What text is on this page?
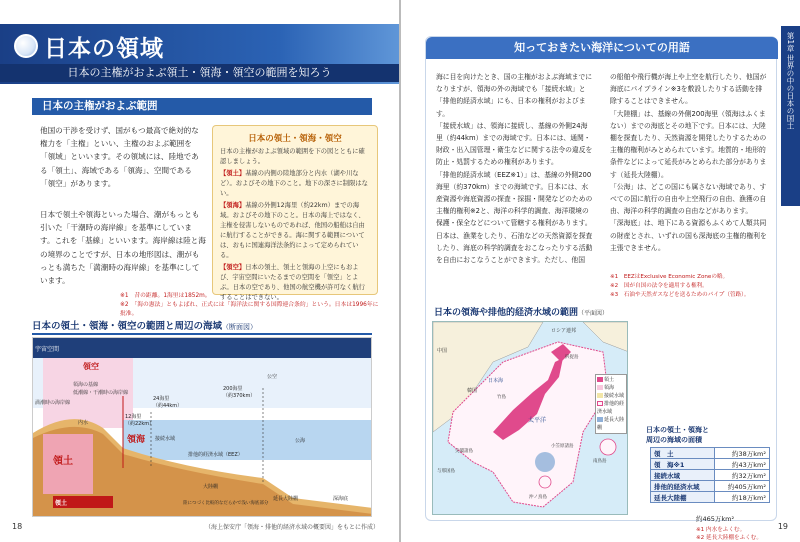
日本の領域
日本の主権がおよぶ領土・領海・領空の範囲を知ろう
日本の主権がおよぶ範囲
他国の干渉を受けず、国がもつ最高で絶対的な権力を「主権」といい、主権のおよぶ範囲を「領域」といいます。その領域には、陸地である「領土」、海域である「領海」、空間である「領空」があります。
日本で領土や領海といった場合、潮がもっとも引いた「干潮時の海岸線」を基準にしています。これを「基線」といいます。海岸線は陸と海の境界のことですが、日本の地形図は、潮がもっとも満ちた「満潮時の海岸線」を基準にしています。
日本の領土・領海・領空

日本の主権がおよぶ領域の範囲を下の図とともに確認しましょう。

【領土】基線の内側の陸地部分と内水（湖や川など）。およびその地下のこと。地下の深さに制限はない。

【領海】基線の外側12海里（約22km）までの海域。およびその地下のこと。日本の海上ではなく、主権を侵害しないものであれば、他国の船舶は自由に航行することができる。海に関する範囲については、おもに国連海洋法条約によって定められている。

【領空】日本の領土、領土と領海の上空にもおよび、宇宙空間にいたるまでの空間を「領空」とよぶ。日本の空であり、他国の航空機が許可なく航行することはできない。

※1　昔の距離。1海里は1852m。
※2　「海の憲法」ともよばれ、正式には「海洋法に関する国際連合条約」という。日本は1996年に批准。
日本の領土・領海・領空の範囲と周辺の海域（断面図）
宇宙空間
領空
領海の基線
低潮線・干潮時の海岸線
満潮時の海岸線
内水
領土
領海
12海里
（約22km）
24海里
（約44km）
接続水域
200海里
（約370km）
排他的経済水域（EEZ）
公空
公海
大陸棚
陸につづく比較的なだらかで浅い海底部分
延長大陸棚	深海底
領土
（海上保安庁「領海・排他的経済水域の概要図」をもとに作成）
18
第1章 世界の中の日本の国土
知っておきたい海洋についての用語

海に目を向けたとき、国の主権がおよぶ海域までになりますが、領海の外の海域でも「接続水域」と「排他的経済水域」にも、日本の権利がおよびます。

「接続水域」は、領海に接続し、基線の外側24海里（約44km）までの海域です。日本には、通関・財政・出入国管理・衛生などに関する法令の違反を防止・処罰するための権利があります。

「排他的経済水域（EEZ※1）」は、基線の外側200海里（約370km）までの海域です。日本には、水産資源や海底資源の探査・採掘・開発などのための主権的権利※2と、海洋の科学的調査、海洋環境の保護・保全などについて管轄する権利があります。

日本は、漁業をしたり、石油などの天然資源を探査したり、海底の科学的調査をおこなったりする活動を自由におこなうことができます。ただし、他国

の船舶や飛行機が海上や上空を航行したり、他国が海底にパイプライン※3を敷設したりする活動を排除することはできません。

「大陸棚」は、基線の外側200海里（領海はふくまない）までの海底とその地下です。日本には、大陸棚を探査したり、天然資源を開発したりするための主権的権利がみとめられています。地質的・地形的条件などによって延長がみとめられた部分があります（延長大陸棚）。

「公海」は、どこの国にも属さない海域であり、すべての国に航行の自由や上空飛行の自由、漁獲の自由、海洋の科学的調査の自由などがあります。

「深海底」は、地下にある資源もふくめて人類共同の財産とされ、いずれの国も深海底の主権的権利を主張できません。

※1　EEZはExclusive Economic Zoneの略。
※2　国が自国の法令を適用する権利。
※3　石油や天然ガスなどを送るためのパイプ（管路）。
日本の領海や排他的経済水域の範囲（平面図）
太平洋
日本海
中国
韓国
ロシア連邦
択捉島
竹島
尖閣諸島
与那国島
小笠原諸島
沖ノ鳥島
南鳥島
領土
領海
接続水域
排他的経済水域
延長大陸棚	日本の領土・領海と
周辺の海域の面積
領　土	約38万km²
領　海※1	約43万km²
接続水域	約32万km²
排他的経済水域	約405万km²
延長大陸棚	約18万km²
約465万km²
※1 内水をふくむ。
※2 延長大陸棚をふくむ。
19
